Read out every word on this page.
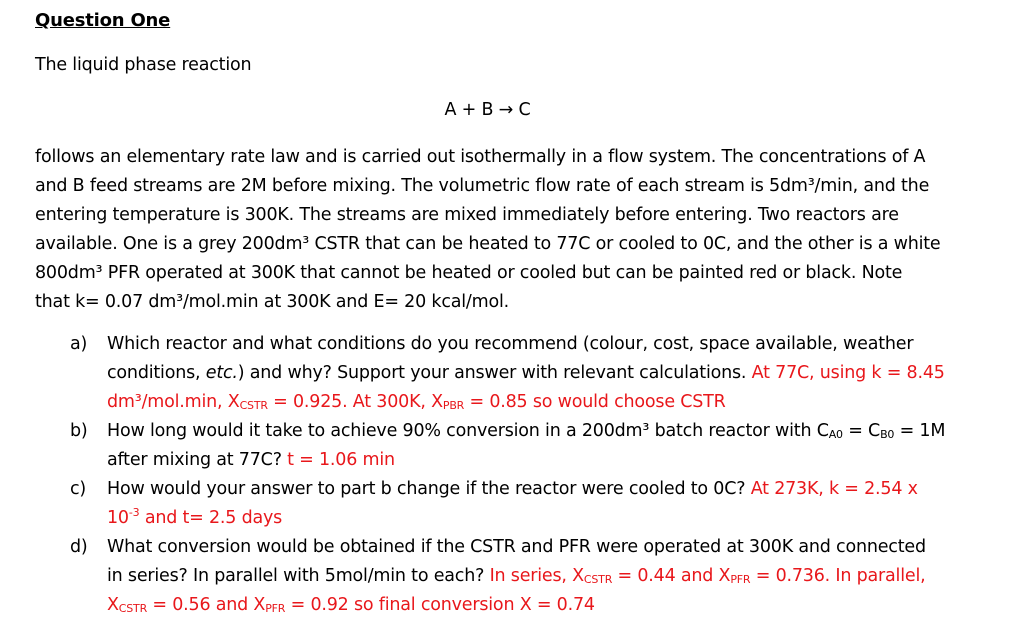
Question One
The liquid phase reaction
A + B → C
follows an elementary rate law and is carried out isothermally in a flow system. The concentrations of A
and B feed streams are 2M before mixing. The volumetric flow rate of each stream is 5dm³/min, and the
entering temperature is 300K. The streams are mixed immediately before entering. Two reactors are
available. One is a grey 200dm³ CSTR that can be heated to 77C or cooled to 0C, and the other is a white
800dm³ PFR operated at 300K that cannot be heated or cooled but can be painted red or black. Note
that k= 0.07 dm³/mol.min at 300K and E= 20 kcal/mol.
a) Which reactor and what conditions do you recommend (colour, cost, space available, weather
conditions, etc.) and why? Support your answer with relevant calculations. At 77C, using k = 8.45
dm³/mol.min, $X_{CSTR} = 0.925$. At 300K, $X_{PBR} = 0.85$ so would choose CSTR
b) How long would it take to achieve 90% conversion in a 200dm³ batch reactor with $C_{A0} = C_{B0} = 1M$
after mixing at 77C? t = 1.06 min
c) How would your answer to part b change if the reactor were cooled to 0C? At 273K, k = 2.54 x
$10^{-3}$ and t= 2.5 days
d) What conversion would be obtained if the CSTR and PFR were operated at 300K and connected
in series? In parallel with 5mol/min to each? In series, $X_{CSTR} = 0.44$ and $X_{PFR} = 0.736$. In parallel,
$X_{CSTR} = 0.56$ and $X_{PFR} = 0.92$ so final conversion X = 0.74
